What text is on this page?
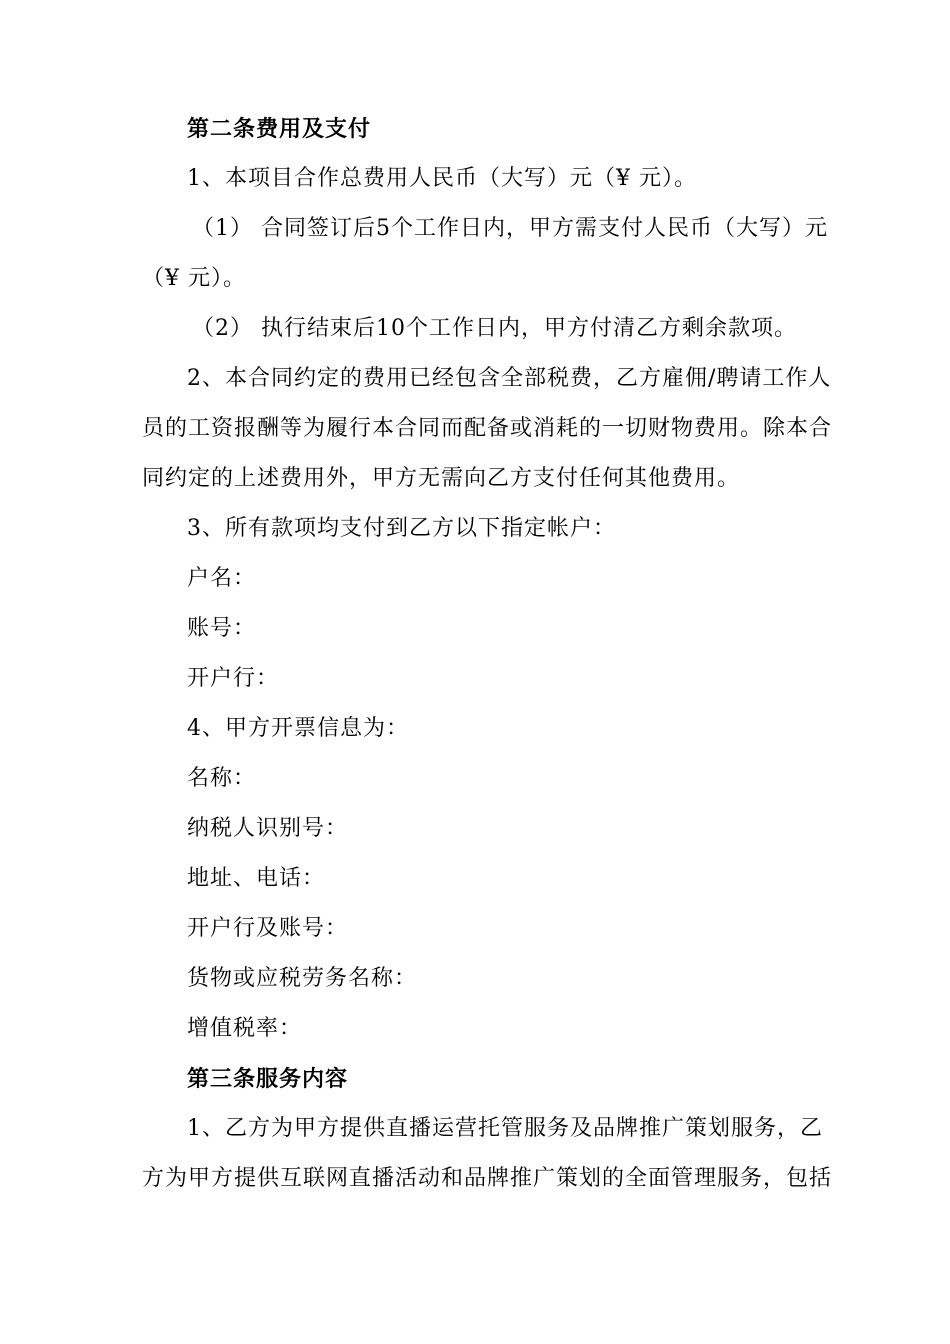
第二条费用及支付
1、本项目合作总费用人民币（大写）元（¥ 元）。
（1） 合同签订后5个工作日内，甲方需支付人民币（大写）元
（¥ 元）。
（2） 执行结束后10个工作日内，甲方付清乙方剩余款项。
2、本合同约定的费用已经包含全部税费，乙方雇佣/聘请工作人
员的工资报酬等为履行本合同而配备或消耗的一切财物费用。除本合
同约定的上述费用外，甲方无需向乙方支付任何其他费用。
3、所有款项均支付到乙方以下指定帐户：
户名：
账号：
开户行：
4、甲方开票信息为：
名称：
纳税人识别号：
地址、电话：
开户行及账号：
货物或应税劳务名称：
增值税率：
第三条服务内容
1、乙方为甲方提供直播运营托管服务及品牌推广策划服务，乙
方为甲方提供互联网直播活动和品牌推广策划的全面管理服务，包括
